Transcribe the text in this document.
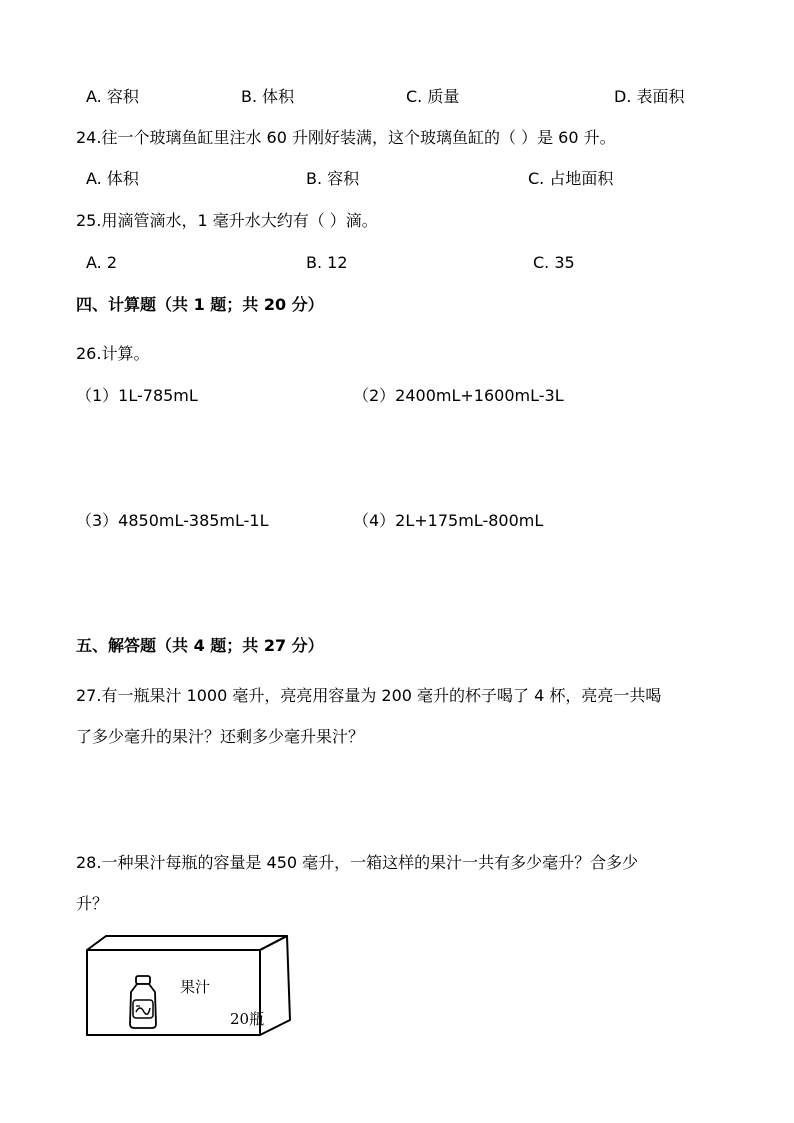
A. 容积	B. 体积	C. 质量	D. 表面积
24.往一个玻璃鱼缸里注水 60 升刚好装满，这个玻璃鱼缸的（ ）是 60 升。
A. 体积	B. 容积	C. 占地面积
25.用滴管滴水，1 毫升水大约有（ ）滴。
A. 2	B. 12	C. 35
四、计算题（共 1 题；共 20 分）
26.计算。
（1）1L-785mL	（2）2400mL+1600mL-3L
（3）4850mL-385mL-1L	（4）2L+175mL-800mL
五、解答题（共 4 题；共 27 分）
27.有一瓶果汁 1000 毫升，亮亮用容量为 200 毫升的杯子喝了 4 杯，亮亮一共喝
了多少毫升的果汁？还剩多少毫升果汁？
28.一种果汁每瓶的容量是 450 毫升，一箱这样的果汁一共有多少毫升？合多少
升？
果汁
20瓶
